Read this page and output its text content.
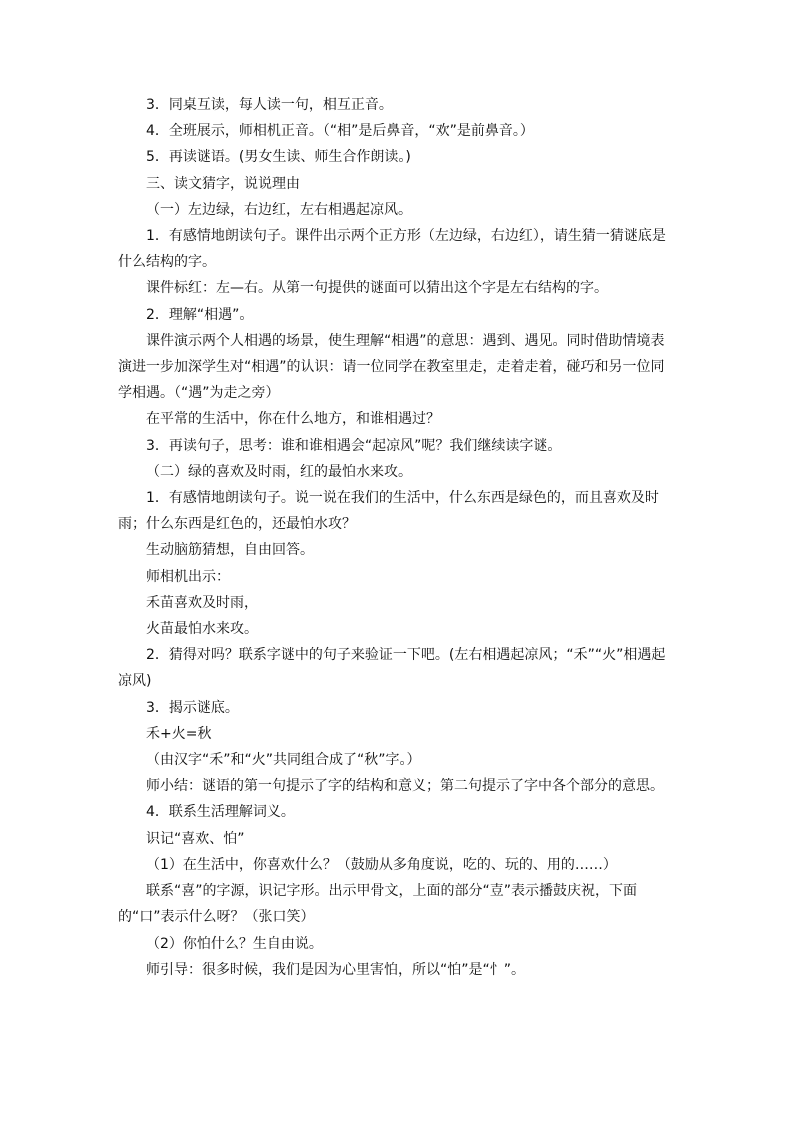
3．同桌互读，每人读一句，相互正音。

4．全班展示，师相机正音。（“相”是后鼻音，“欢”是前鼻音。）

5．再读谜语。(男女生读、师生合作朗读。)

三、读文猜字，说说理由

（一）左边绿，右边红，左右相遇起凉风。

1．有感情地朗读句子。课件出示两个正方形（左边绿，右边红），请生猜一猜谜底是什么结构的字。

课件标红：左—右。从第一句提供的谜面可以猜出这个字是左右结构的字。

2．理解“相遇”。

课件演示两个人相遇的场景，使生理解“相遇”的意思：遇到、遇见。同时借助情境表演进一步加深学生对“相遇”的认识：请一位同学在教室里走，走着走着，碰巧和另一位同学相遇。（“遇”为走之旁）

在平常的生活中，你在什么地方，和谁相遇过？

3．再读句子，思考：谁和谁相遇会“起凉风”呢？我们继续读字谜。

（二）绿的喜欢及时雨，红的最怕水来攻。

1．有感情地朗读句子。说一说在我们的生活中，什么东西是绿色的，而且喜欢及时雨；什么东西是红色的，还最怕水攻？

生动脑筋猜想，自由回答。

师相机出示：

禾苗喜欢及时雨，

火苗最怕水来攻。

2．猜得对吗？联系字谜中的句子来验证一下吧。(左右相遇起凉风；“禾”“火”相遇起凉风)

3．揭示谜底。

禾+火=秋

（由汉字“禾”和“火”共同组合成了“秋”字。）

师小结：谜语的第一句提示了字的结构和意义；第二句提示了字中各个部分的意思。

4．联系生活理解词义。

识记“喜欢、怕”

（1）在生活中，你喜欢什么？（鼓励从多角度说，吃的、玩的、用的……）

联系“喜”的字源，识记字形。出示甲骨文，上面的部分“壴”表示播鼓庆祝，下面的“口”表示什么呀？（张口笑）

（2）你怕什么？生自由说。

师引导：很多时候，我们是因为心里害怕，所以“怕”是“忄”。
